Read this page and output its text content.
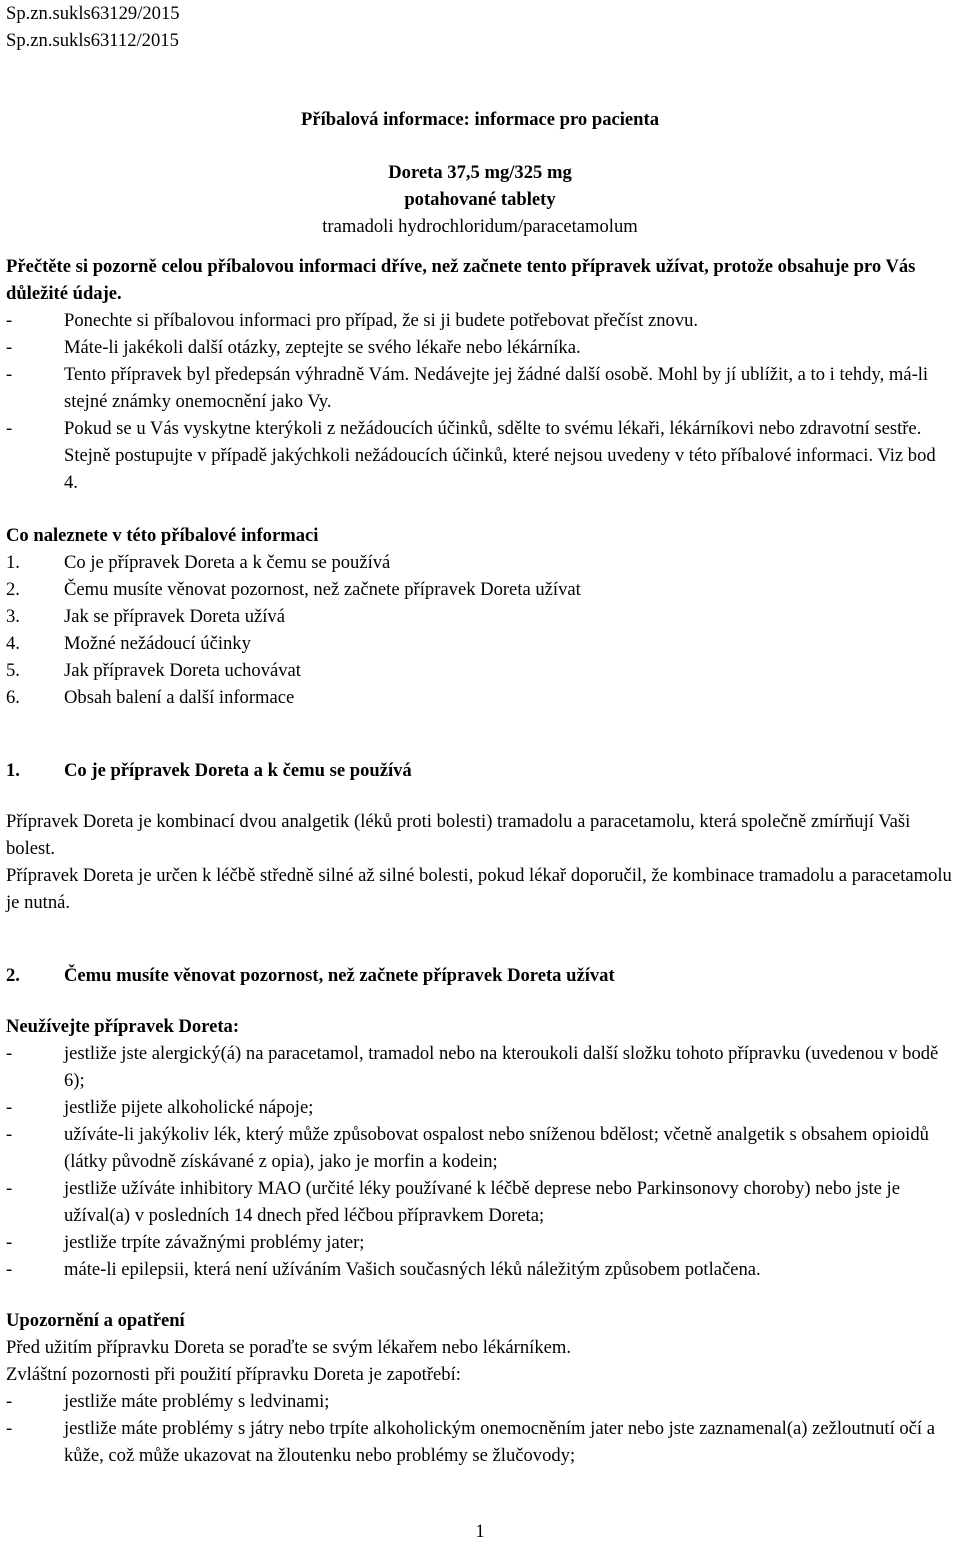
Sp.zn.sukls63129/2015

Sp.zn.sukls63112/2015

Příbalová informace: informace pro pacienta

Doreta 37,5 mg/325 mg

potahované tablety

tramadoli hydrochloridum/paracetamolum

Přečtěte si pozorně celou příbalovou informaci dříve, než začnete tento přípravek užívat, protože obsahuje pro Vás důležité údaje.

-	Ponechte si příbalovou informaci pro případ, že si ji budete potřebovat přečíst znovu.
-	Máte-li jakékoli další otázky, zeptejte se svého lékaře nebo lékárníka.
-	Tento přípravek byl předepsán výhradně Vám. Nedávejte jej žádné další osobě. Mohl by jí ublížit, a to i tehdy, má-li stejné známky onemocnění jako Vy.
-	Pokud se u Vás vyskytne kterýkoli z nežádoucích účinků, sdělte to svému lékaři, lékárníkovi nebo zdravotní sestře. Stejně postupujte v případě jakýchkoli nežádoucích účinků, které nejsou uvedeny v této příbalové informaci. Viz bod 4.

Co naleznete v této příbalové informaci

1. Co je přípravek Doreta a k čemu se používá
2. Čemu musíte věnovat pozornost, než začnete přípravek Doreta užívat
3. Jak se přípravek Doreta užívá
4. Možné nežádoucí účinky
5. Jak přípravek Doreta uchovávat
6. Obsah balení a další informace
1. Co je přípravek Doreta a k čemu se používá

Přípravek Doreta je kombinací dvou analgetik (léků proti bolesti) tramadolu a paracetamolu, která společně zmírňují Vaši bolest.

Přípravek Doreta je určen k léčbě středně silné až silné bolesti, pokud lékař doporučil, že kombinace tramadolu a paracetamolu je nutná.

2. Čemu musíte věnovat pozornost, než začnete přípravek Doreta užívat

Neužívejte přípravek Doreta:

-	jestliže jste alergický(á) na paracetamol, tramadol nebo na kteroukoli další složku tohoto přípravku (uvedenou v bodě 6);
-	jestliže pijete alkoholické nápoje;
-	užíváte-li jakýkoliv lék, který může způsobovat ospalost nebo sníženou bdělost; včetně analgetik s obsahem opioidů (látky původně získávané z opia), jako je morfin a kodein;
-	jestliže užíváte inhibitory MAO (určité léky používané k léčbě deprese nebo Parkinsonovy choroby) nebo jste je užíval(a) v posledních 14 dnech před léčbou přípravkem Doreta;
-	jestliže trpíte závažnými problémy jater;
-	máte-li epilepsii, která není užíváním Vašich současných léků náležitým způsobem potlačena.

Upozornění a opatření

Před užitím přípravku Doreta se poraďte se svým lékařem nebo lékárníkem.

Zvláštní pozornosti při použití přípravku Doreta je zapotřebí:

-	jestliže máte problémy s ledvinami;
-	jestliže máte problémy s játry nebo trpíte alkoholickým onemocněním jater nebo jste zaznamenal(a) zežloutnutí očí a kůže, což může ukazovat na žloutenku nebo problémy se žlučovody;
1
